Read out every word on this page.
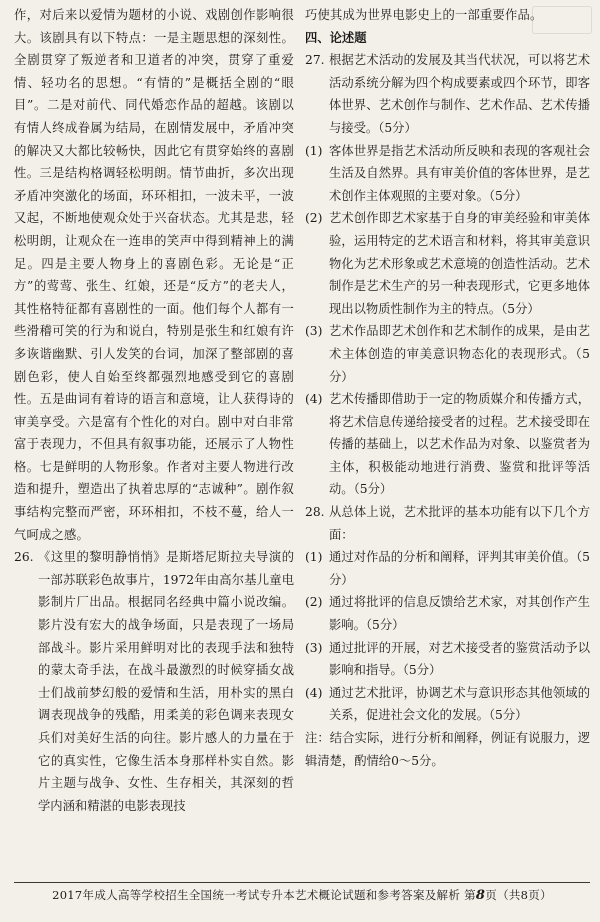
作，对后来以爱情为题材的小说、戏剧创作影响很大。该剧具有以下特点：一是主题思想的深刻性。全剧贯穿了叛逆者和卫道者的冲突，贯穿了重爱情、轻功名的思想。“有情的”是概括全剧的“眼目”。二是对前代、同代婚恋作品的超越。该剧以有情人终成眷属为结局，在剧情发展中，矛盾冲突的解决又大都比较畅快，因此它有贯穿始终的喜剧性。三是结构格调轻松明朗。情节曲折，多次出现矛盾冲突激化的场面，环环相扣，一波未平，一波又起，不断地使观众处于兴奋状态。尤其是悲，轻松明朗，让观众在一连串的笑声中得到精神上的满足。四是主要人物身上的喜剧色彩。无论是“正方”的莺莺、张生、红娘，还是“反方”的老夫人，其性格特征都有喜剧性的一面。他们每个人都有一些滑稽可笑的行为和说白，特别是张生和红娘有许多诙谐幽默、引人发笑的台词，加深了整部剧的喜剧色彩，使人自始至终都强烈地感受到它的喜剧性。五是曲词有着诗的语言和意境，让人获得诗的审美享受。六是富有个性化的对白。剧中对白非常富于表现力，不但具有叙事功能，还展示了人物性格。七是鲜明的人物形象。作者对主要人物进行改造和提升，塑造出了执着忠厚的“志诚种”。剧作叙事结构完整而严密，环环相扣，不枝不蔓，给人一气呵成之感。

26. 《这里的黎明静悄悄》是斯塔尼斯拉夫导演的一部苏联彩色故事片，1972年由高尔基儿童电影制片厂出品。根据同名经典中篇小说改编。影片没有宏大的战争场面，只是表现了一场局部战斗。影片采用鲜明对比的表现手法和独特的蒙太奇手法，在战斗最激烈的时候穿插女战士们战前梦幻般的爱情和生活，用朴实的黑白调表现战争的残酷，用柔美的彩色调来表现女兵们对美好生活的向往。影片感人的力量在于它的真实性，它像生活本身那样朴实自然。影片主题与战争、女性、生存相关，其深刻的哲学内涵和精湛的电影表现技

巧使其成为世界电影史上的一部重要作品。

四、论述题

27. 根据艺术活动的发展及其当代状况，可以将艺术活动系统分解为四个构成要素或四个环节，即客体世界、艺术创作与制作、艺术作品、艺术传播与接受。（5分）
(1) 客体世界是指艺术活动所反映和表现的客观社会生活及自然界。具有审美价值的客体世界，是艺术创作主体观照的主要对象。（5分）
(2) 艺术创作即艺术家基于自身的审美经验和审美体验，运用特定的艺术语言和材料，将其审美意识物化为艺术形象或艺术意境的创造性活动。艺术制作是艺术生产的另一种表现形式，它更多地体现出以物质性制作为主的特点。（5分）
(3) 艺术作品即艺术创作和艺术制作的成果，是由艺术主体创造的审美意识物态化的表现形式。（5分）
(4) 艺术传播即借助于一定的物质媒介和传播方式，将艺术信息传递给接受者的过程。艺术接受即在传播的基础上，以艺术作品为对象、以鉴赏者为主体，积极能动地进行消费、鉴赏和批评等活动。（5分）
28. 从总体上说，艺术批评的基本功能有以下几个方面：
(1) 通过对作品的分析和阐释，评判其审美价值。（5分）
(2) 通过将批评的信息反馈给艺术家，对其创作产生影响。（5分）
(3) 通过批评的开展，对艺术接受者的鉴赏活动予以影响和指导。（5分）
(4) 通过艺术批评，协调艺术与意识形态其他领域的关系，促进社会文化的发展。（5分）

注：结合实际，进行分析和阐释，例证有说服力，逻辑清楚，酌情给0～5分。

2017年成人高等学校招生全国统一考试专升本艺术概论试题和参考答案及解析 第8页（共8页）
